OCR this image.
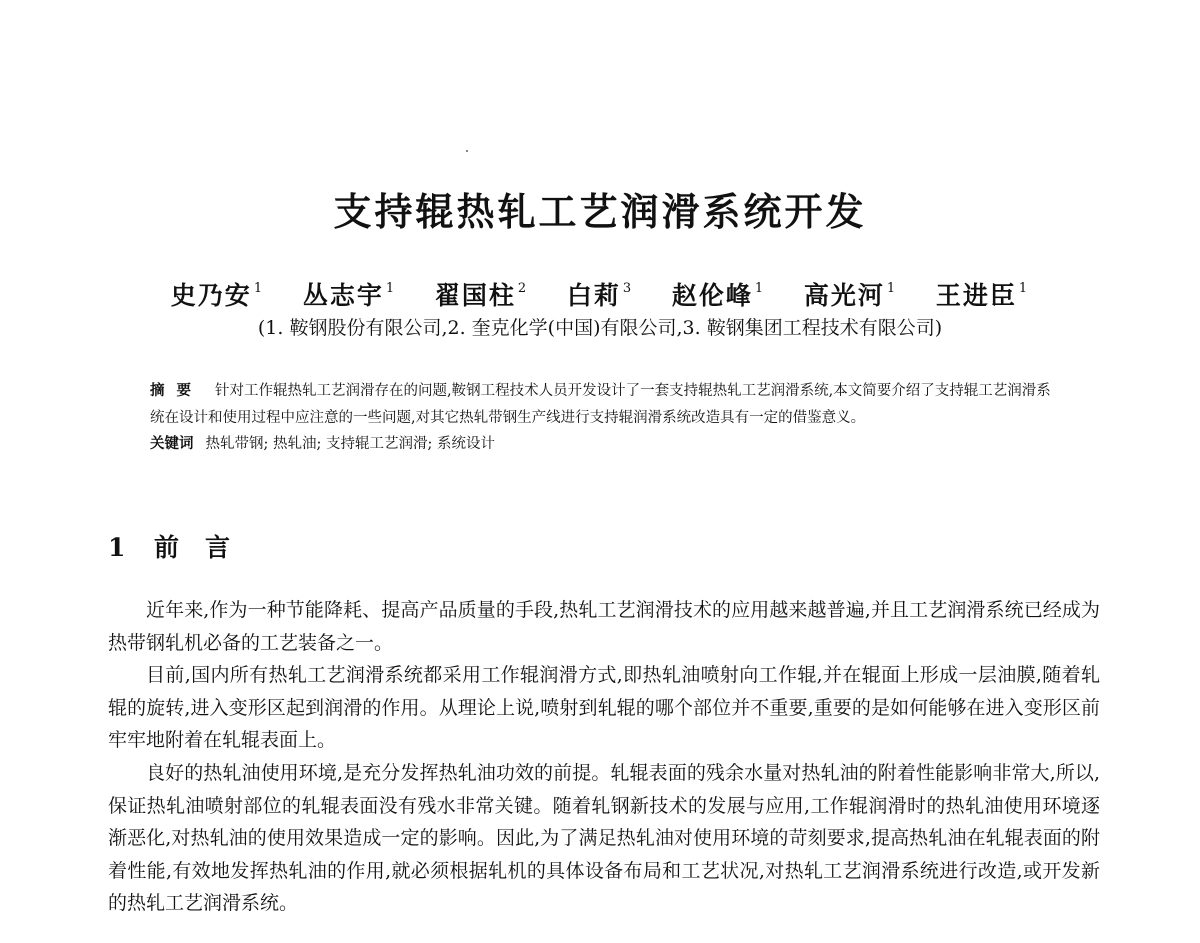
支持辊热轧工艺润滑系统开发
史乃安 $^1$ 丛志宇 $^1$ 翟国柱 $^2$ 白莉 $^3$ 赵伦峰 $^1$ 高光河 $^1$ 王进臣 $^1$
(1. 鞍钢股份有限公司,2. 奎克化学(中国)有限公司,3. 鞍钢集团工程技术有限公司)

摘要 针对工作辊热轧工艺润滑存在的问题,鞍钢工程技术人员开发设计了一套支持辊热轧工艺润滑系统,本文简要介绍了支持辊工艺润滑系统在设计和使用过程中应注意的一些问题,对其它热轧带钢生产线进行支持辊润滑系统改造具有一定的借鉴意义。

关键词 热轧带钢; 热轧油; 支持辊工艺润滑; 系统设计

1 前言

近年来,作为一种节能降耗、提高产品质量的手段,热轧工艺润滑技术的应用越来越普遍,并且工艺润滑系统已经成为热带钢轧机必备的工艺装备之一。

目前,国内所有热轧工艺润滑系统都采用工作辊润滑方式,即热轧油喷射向工作辊,并在辊面上形成一层油膜,随着轧辊的旋转,进入变形区起到润滑的作用。从理论上说,喷射到轧辊的哪个部位并不重要,重要的是如何能够在进入变形区前牢牢地附着在轧辊表面上。

良好的热轧油使用环境,是充分发挥热轧油功效的前提。轧辊表面的残余水量对热轧油的附着性能影响非常大,所以,保证热轧油喷射部位的轧辊表面没有残水非常关键。随着轧钢新技术的发展与应用,工作辊润滑时的热轧油使用环境逐渐恶化,对热轧油的使用效果造成一定的影响。因此,为了满足热轧油对使用环境的苛刻要求,提高热轧油在轧辊表面的附着性能,有效地发挥热轧油的作用,就必须根据轧机的具体设备布局和工艺状况,对热轧工艺润滑系统进行改造,或开发新的热轧工艺润滑系统。
